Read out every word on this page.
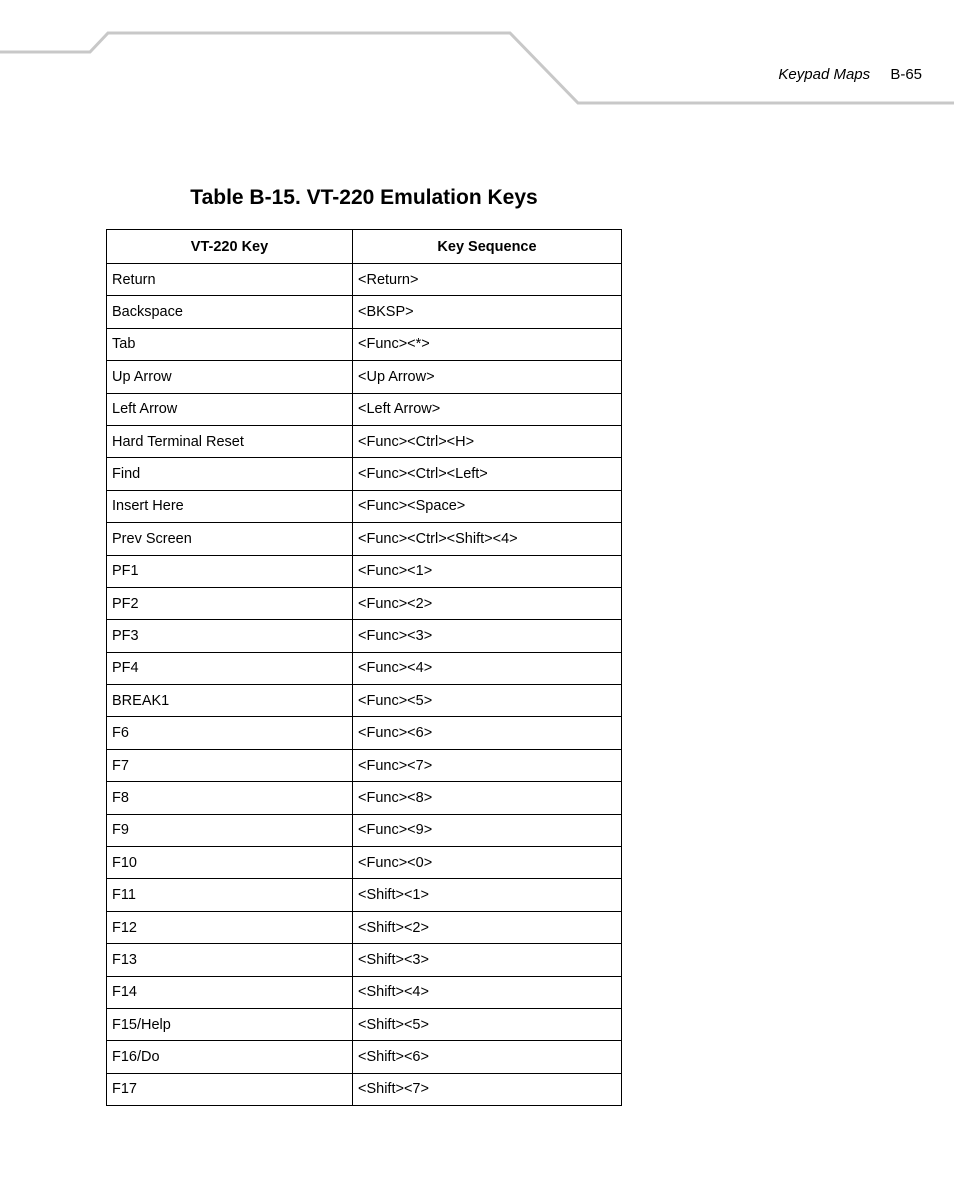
Keypad Maps B-65
Table B-15. VT-220 Emulation Keys
VT-220 Key	Key Sequence
Return	<Return>
Backspace	<BKSP>
Tab	<Func><*>
Up Arrow	<Up Arrow>
Left Arrow	<Left Arrow>
Hard Terminal Reset	<Func><Ctrl><H>
Find	<Func><Ctrl><Left>
Insert Here	<Func><Space>
Prev Screen	<Func><Ctrl><Shift><4>
PF1	<Func><1>
PF2	<Func><2>
PF3	<Func><3>
PF4	<Func><4>
BREAK1	<Func><5>
F6	<Func><6>
F7	<Func><7>
F8	<Func><8>
F9	<Func><9>
F10	<Func><0>
F11	<Shift><1>
F12	<Shift><2>
F13	<Shift><3>
F14	<Shift><4>
F15/Help	<Shift><5>
F16/Do	<Shift><6>
F17	<Shift><7>
